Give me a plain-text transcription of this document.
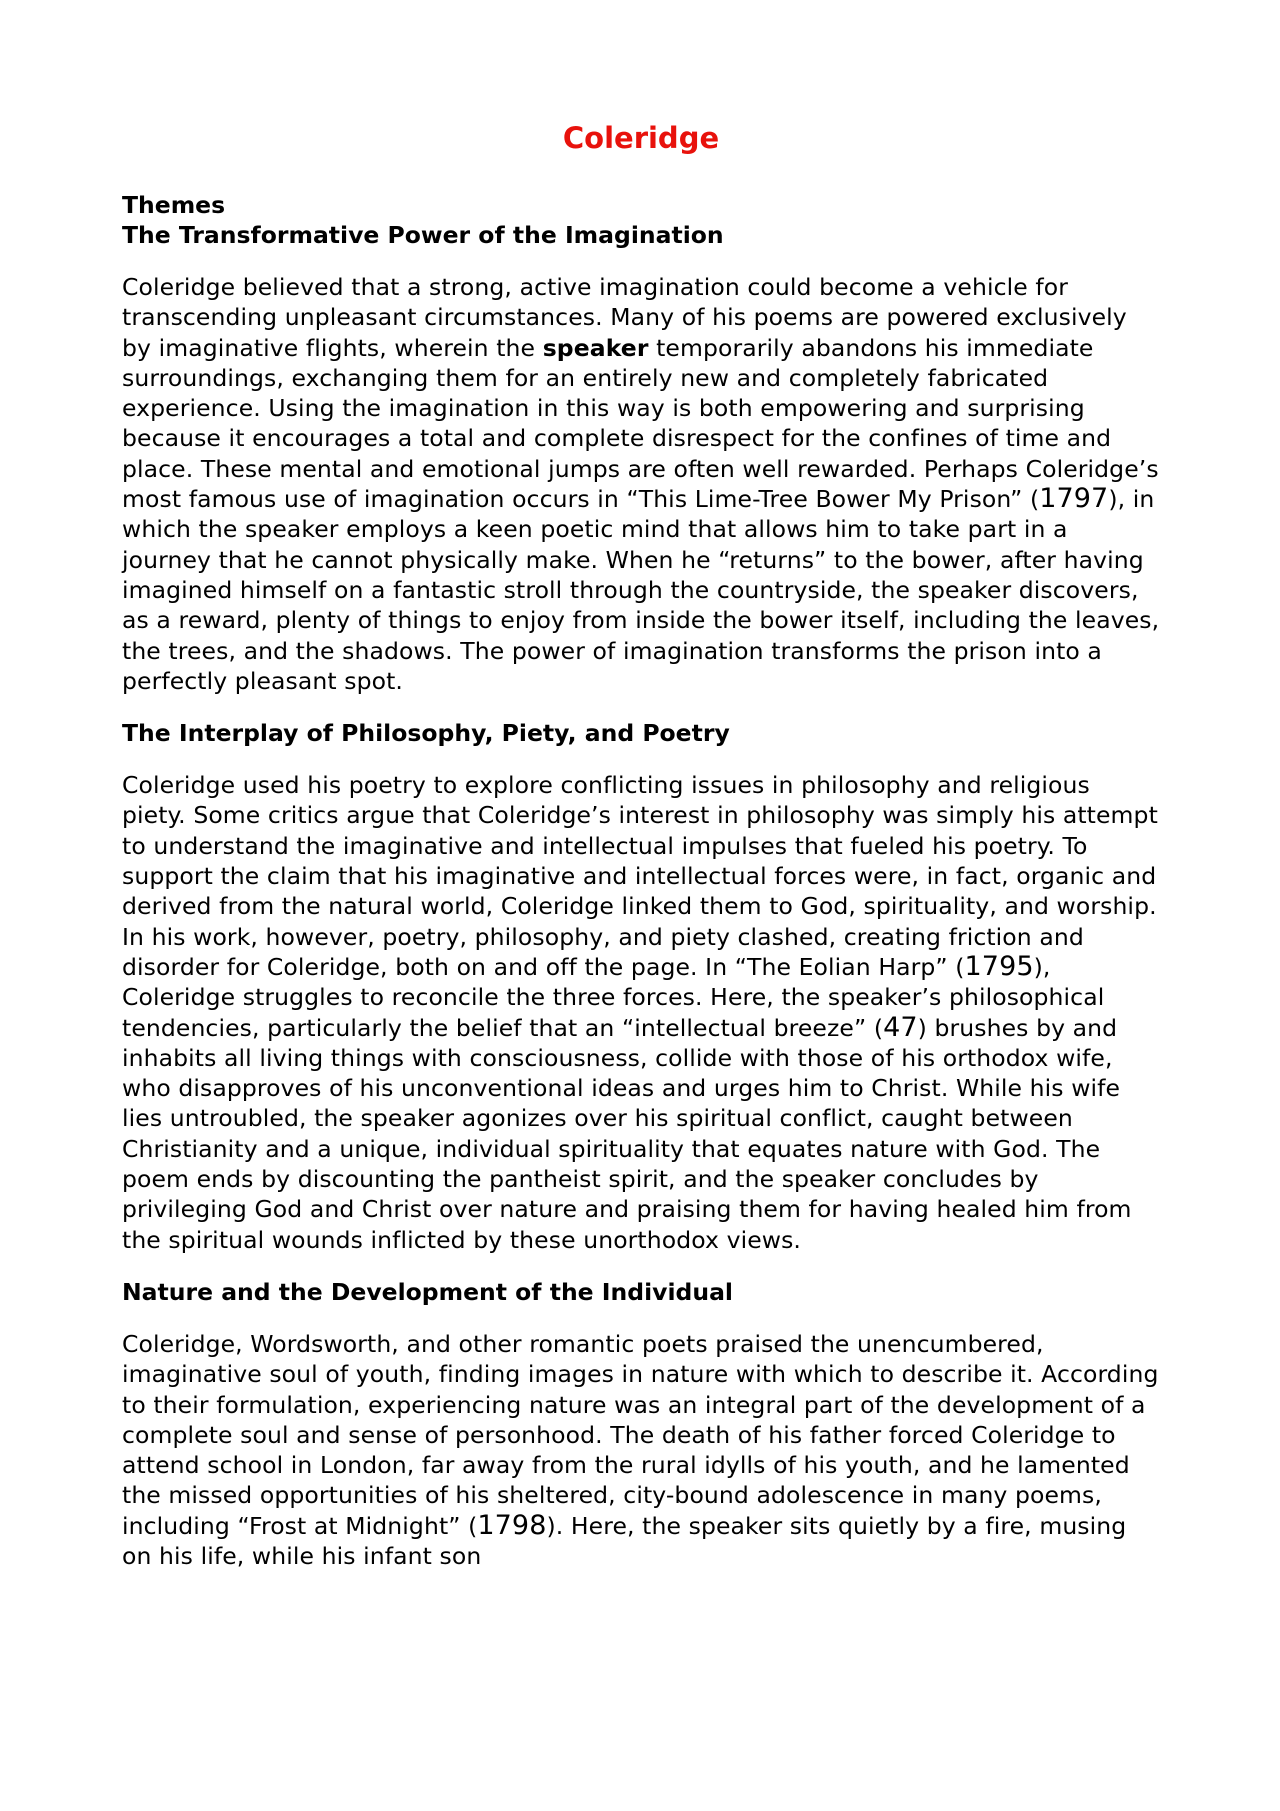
Coleridge
Themes
The Transformative Power of the Imagination

Coleridge believed that a strong, active imagination could become a vehicle for transcending unpleasant circumstances. Many of his poems are powered exclusively by imaginative flights, wherein the speaker temporarily abandons his immediate surroundings, exchanging them for an entirely new and completely fabricated experience. Using the imagination in this way is both empowering and surprising because it encourages a total and complete disrespect for the confines of time and place. These mental and emotional jumps are often well rewarded. Perhaps Coleridge’s most famous use of imagination occurs in “This Lime-Tree Bower My Prison” (1797), in which the speaker employs a keen poetic mind that allows him to take part in a journey that he cannot physically make. When he “returns” to the bower, after having imagined himself on a fantastic stroll through the countryside, the speaker discovers, as a reward, plenty of things to enjoy from inside the bower itself, including the leaves, the trees, and the shadows. The power of imagination transforms the prison into a perfectly pleasant spot.

The Interplay of Philosophy, Piety, and Poetry

Coleridge used his poetry to explore conflicting issues in philosophy and religious piety. Some critics argue that Coleridge’s interest in philosophy was simply his attempt to understand the imaginative and intellectual impulses that fueled his poetry. To support the claim that his imaginative and intellectual forces were, in fact, organic and derived from the natural world, Coleridge linked them to God, spirituality, and worship. In his work, however, poetry, philosophy, and piety clashed, creating friction and disorder for Coleridge, both on and off the page. In “The Eolian Harp” (1795), Coleridge struggles to reconcile the three forces. Here, the speaker’s philosophical tendencies, particularly the belief that an “intellectual breeze” (47) brushes by and inhabits all living things with consciousness, collide with those of his orthodox wife, who disapproves of his unconventional ideas and urges him to Christ. While his wife lies untroubled, the speaker agonizes over his spiritual conflict, caught between Christianity and a unique, individual spirituality that equates nature with God. The poem ends by discounting the pantheist spirit, and the speaker concludes by privileging God and Christ over nature and praising them for having healed him from the spiritual wounds inflicted by these unorthodox views.

Nature and the Development of the Individual

Coleridge, Wordsworth, and other romantic poets praised the unencumbered, imaginative soul of youth, finding images in nature with which to describe it. According to their formulation, experiencing nature was an integral part of the development of a complete soul and sense of personhood. The death of his father forced Coleridge to attend school in London, far away from the rural idylls of his youth, and he lamented the missed opportunities of his sheltered, city-bound adolescence in many poems, including “Frost at Midnight” (1798). Here, the speaker sits quietly by a fire, musing on his life, while his infant son
